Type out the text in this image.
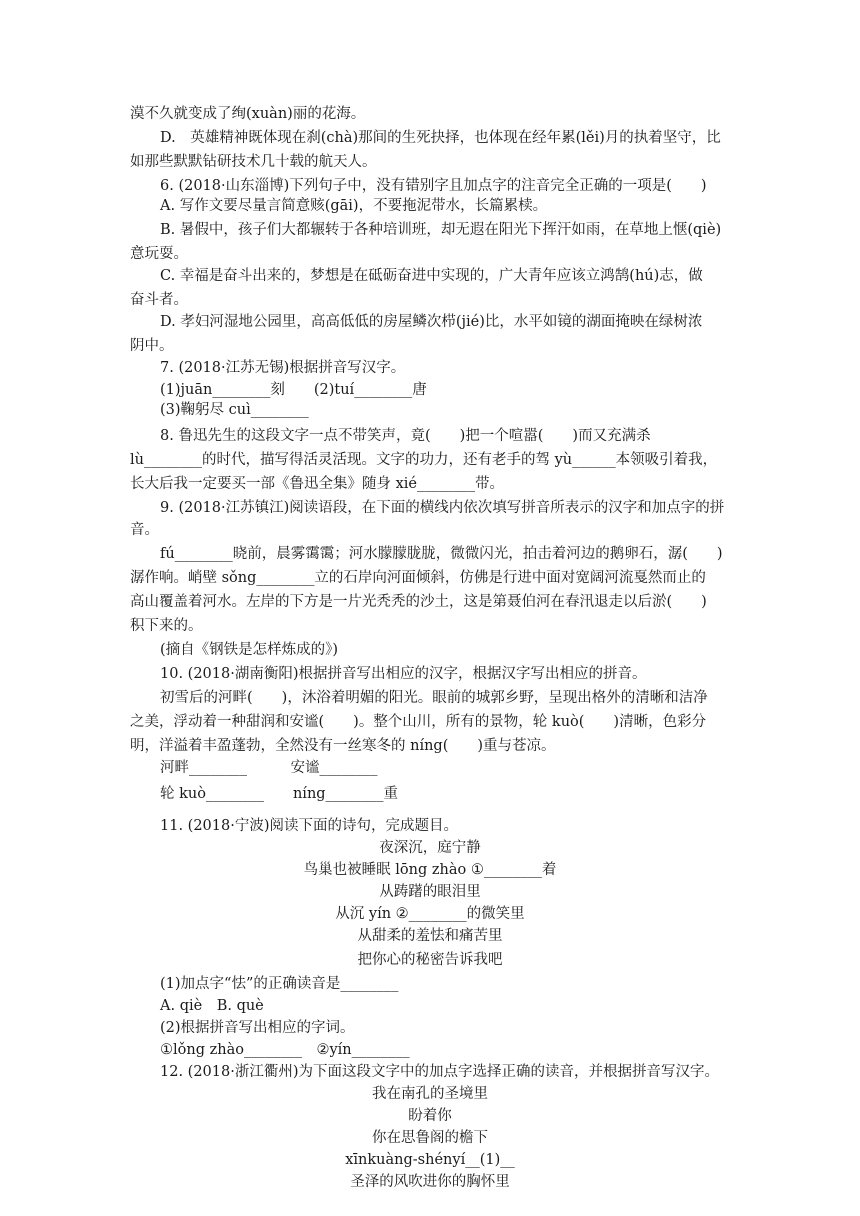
漠不久就变成了绚(xuàn)丽的花海。
D.　英雄精神既体现在刹(chà)那间的生死抉择，也体现在经年累(lěi)月的执着坚守，比
如那些默默钻研技术几十载的航天人。
6. (2018·山东淄博)下列句子中，没有错别字且加点字的注音完全正确的一项是(　　)
A. 写作文要尽量言简意赅(gāi)，不要拖泥带水，长篇累椟。
B. 暑假中，孩子们大都辗转于各种培训班，却无遐在阳光下挥汗如雨，在草地上惬(qiè)
意玩耍。
C. 幸福是奋斗出来的，梦想是在砥砺奋进中实现的，广大青年应该立鸿鹄(hú)志，做
奋斗者。
D. 孝妇河湿地公园里，高高低低的房屋鳞次栉(jié)比，水平如镜的湖面掩映在绿树浓
阴中。
7. (2018·江苏无锡)根据拼音写汉字。
(1)juān________刻　　(2)tuí________唐
(3)鞠躬尽 cuì________
8. 鲁迅先生的这段文字一点不带笑声，竟(　　)把一个喧嚣(　　)而又充满杀
lù________的时代，描写得活灵活现。文字的功力，还有老手的驾 yù______本领吸引着我，
长大后我一定要买一部《鲁迅全集》随身 xié________带。
9. (2018·江苏镇江)阅读语段，在下面的横线内依次填写拼音所表示的汉字和加点字的拼
音。
fú________晓前，晨雾霭霭；河水朦朦胧胧，微微闪光，拍击着河边的鹅卵石，潺(　　)
潺作响。峭壁 sǒng________立的石岸向河面倾斜，仿佛是行进中面对宽阔河流戛然而止的
高山覆盖着河水。左岸的下方是一片光秃秃的沙土，这是第聂伯河在春汛退走以后淤(　　)
积下来的。
(摘自《钢铁是怎样炼成的》)
10. (2018·湖南衡阳)根据拼音写出相应的汉字，根据汉字写出相应的拼音。
初雪后的河畔(　　)，沐浴着明媚的阳光。眼前的城郭乡野，呈现出格外的清晰和洁净
之美，浮动着一种甜润和安谧(　　)。整个山川，所有的景物，轮 kuò(　　)清晰，色彩分
明，洋溢着丰盈蓬勃，全然没有一丝寒冬的 níng(　　)重与苍凉。
河畔________　　　安谧________
轮 kuò________　　níng________重
11. (2018·宁波)阅读下面的诗句，完成题目。
夜深沉，庭宁静
鸟巢也被睡眠 lōng zhào ①________着
从踌躇的眼泪里
从沉 yín ②________的微笑里
从甜柔的羞怯和痛苦里
把你心的秘密告诉我吧
(1)加点字“怯”的正确读音是________
A. qiè　B. què
(2)根据拼音写出相应的字词。
①lǒng zhào________　②yín________
12. (2018·浙江衢州)为下面这段文字中的加点字选择正确的读音，并根据拼音写汉字。
我在南孔的圣境里
盼着你
你在思鲁阁的檐下
xīnkuàng-shényí__(1)__
圣泽的风吹进你的胸怀里
